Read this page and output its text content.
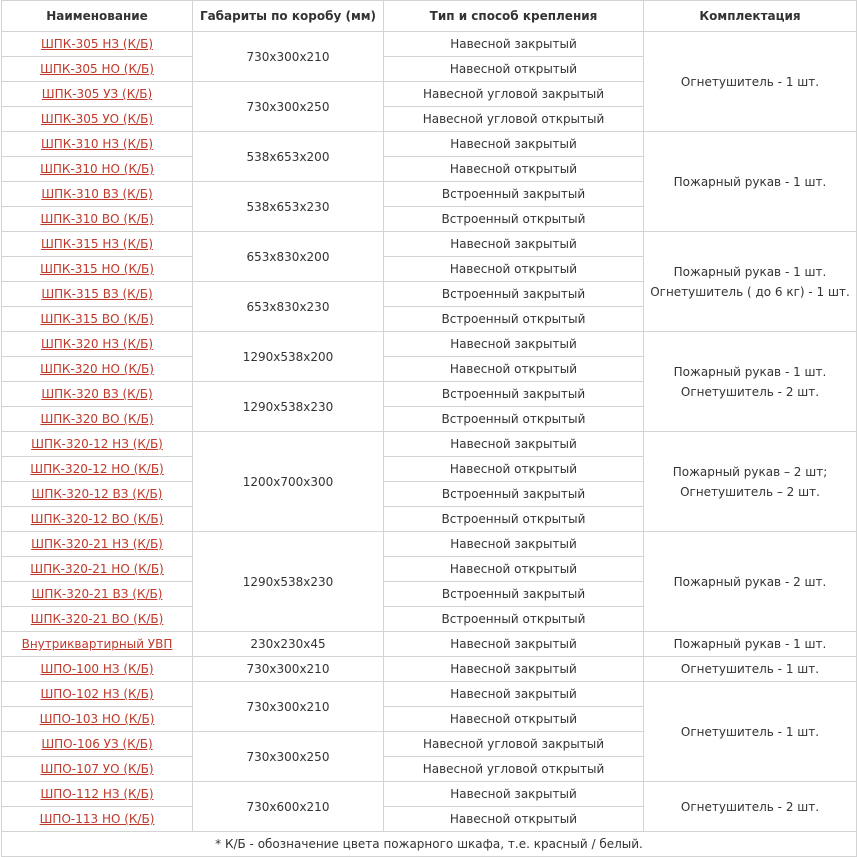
Наименование	Габариты по коробу (мм)	Тип и способ крепления	Комплектация
ШПК-305 НЗ (К/Б)	730x300x210	Навесной закрытый	Огнетушитель - 1 шт.

ШПК-305 НО (К/Б)		Навесной открытый	
ШПК-305 УЗ (К/Б)	730x300x250	Навесной угловой закрытый	
ШПК-305 УО (К/Б)		Навесной угловой открытый	
ШПК-310 НЗ (К/Б)	538x653x200	Навесной закрытый	Пожарный рукав - 1 шт.

ШПК-310 НО (К/Б)		Навесной открытый	
ШПК-310 ВЗ (К/Б)	538x653x230	Встроенный закрытый	
ШПК-310 ВО (К/Б)		Встроенный открытый	
ШПК-315 НЗ (К/Б)	653x830x200	Навесной закрытый	Пожарный рукав - 1 шт.
Огнетушитель ( до 6 кг) - 1 шт.

ШПК-315 НО (К/Б)		Навесной открытый	
ШПК-315 ВЗ (К/Б)	653x830x230	Встроенный закрытый	
ШПК-315 ВО (К/Б)		Встроенный открытый	
ШПК-320 НЗ (К/Б)	1290x538x200	Навесной закрытый	Пожарный рукав - 1 шт.
Огнетушитель - 2 шт.

ШПК-320 НО (К/Б)		Навесной открытый	
ШПК-320 ВЗ (К/Б)	1290x538x230	Встроенный закрытый	
ШПК-320 ВО (К/Б)		Встроенный открытый	
ШПК-320-12 НЗ (К/Б)	1200x700x300	Навесной закрытый	Пожарный рукав – 2 шт;
Огнетушитель – 2 шт.

ШПК-320-12 НО (К/Б)		Навесной открытый	
ШПК-320-12 ВЗ (К/Б)		Встроенный закрытый	
ШПК-320-12 ВО (К/Б)		Встроенный открытый	
ШПК-320-21 НЗ (К/Б)	1290x538x230	Навесной закрытый	Пожарный рукав - 2 шт.

ШПК-320-21 НО (К/Б)		Навесной открытый	
ШПК-320-21 ВЗ (К/Б)		Встроенный закрытый	
ШПК-320-21 ВО (К/Б)		Встроенный открытый	
Внутриквартирный УВП	230x230x45	Навесной закрытый	Пожарный рукав - 1 шт.

ШПО-100 НЗ (К/Б)	730x300x210	Навесной закрытый	Огнетушитель - 1 шт.

ШПО-102 НЗ (К/Б)	730x300x210	Навесной закрытый	Огнетушитель - 1 шт.

ШПО-103 НО (К/Б)		Навесной открытый	
ШПО-106 УЗ (К/Б)	730x300x250	Навесной угловой закрытый	
ШПО-107 УО (К/Б)		Навесной угловой открытый	
ШПО-112 НЗ (К/Б)	730x600x210	Навесной закрытый	Огнетушитель - 2 шт.

ШПО-113 НО (К/Б)		Навесной открытый	
* К/Б - обозначение цвета пожарного шкафа, т.е. красный / белый.			
